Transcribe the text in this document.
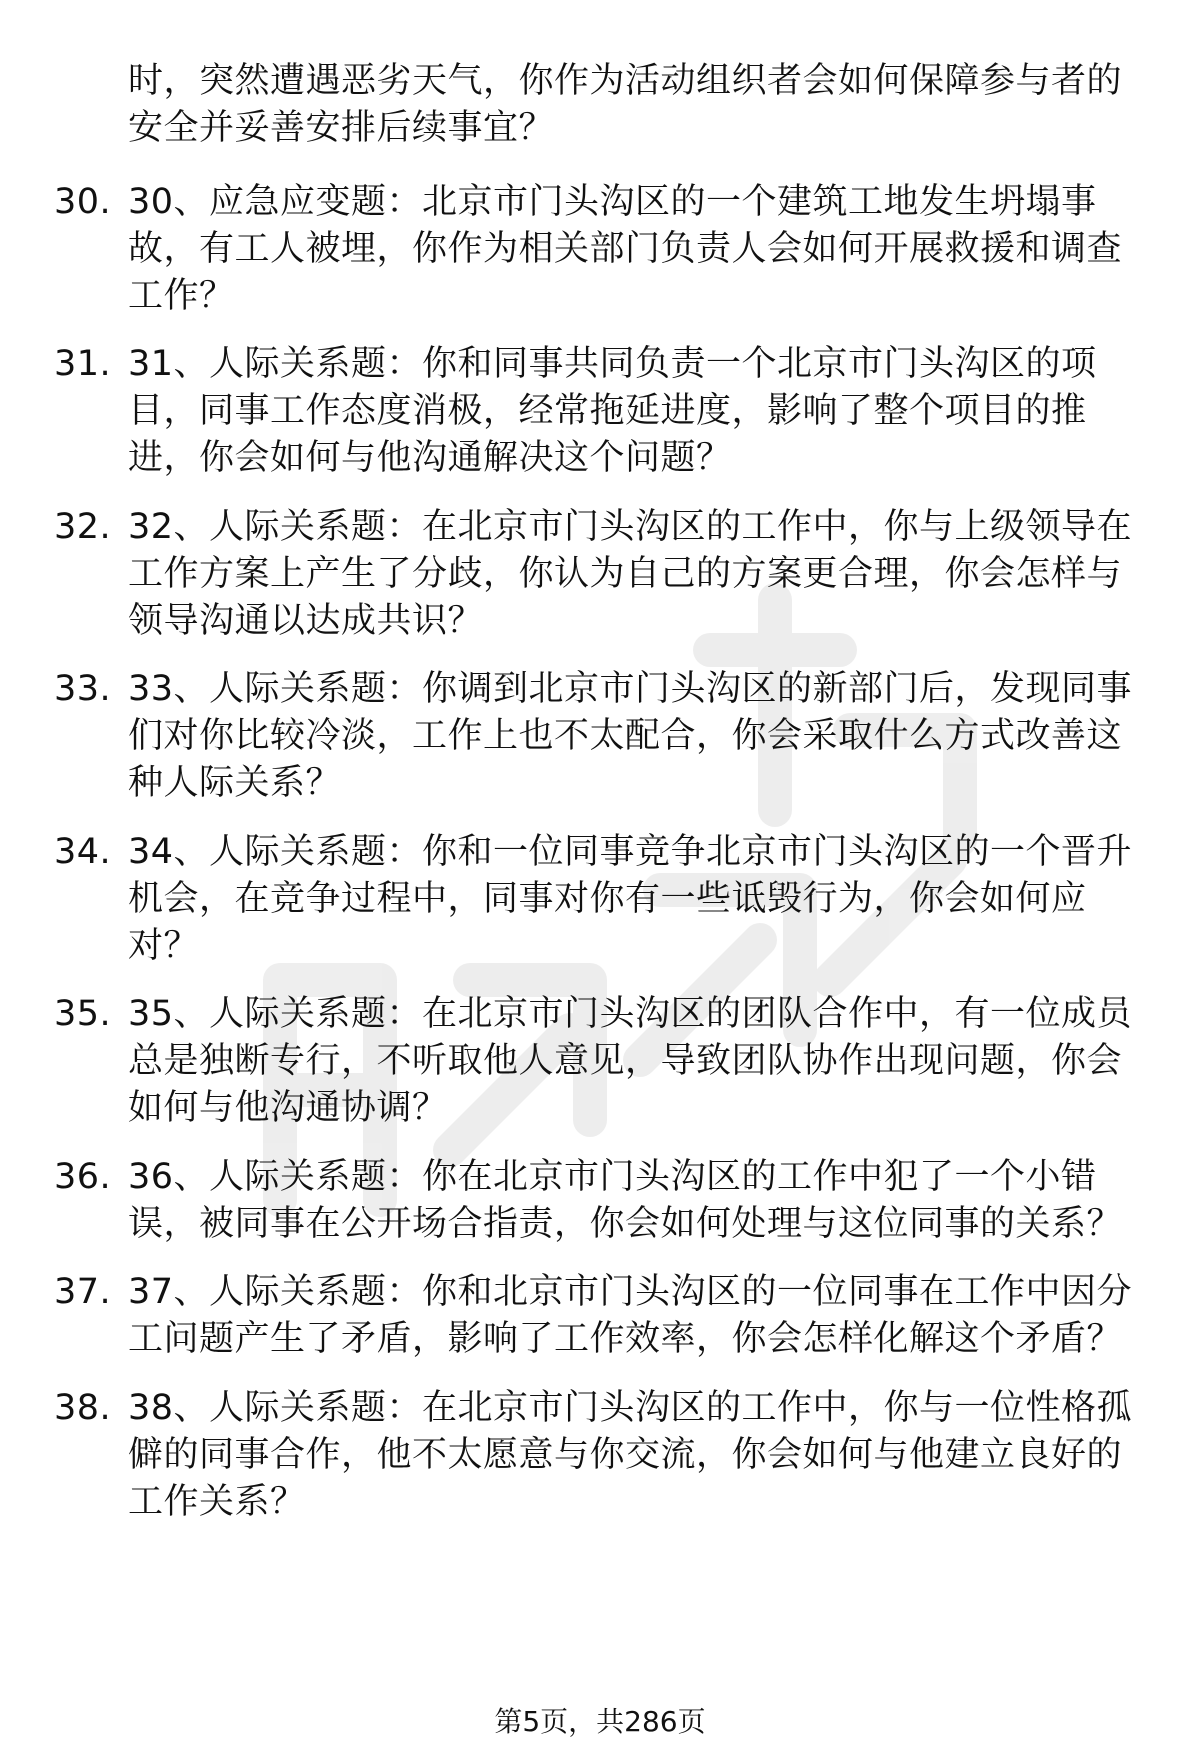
时，突然遭遇恶劣天气，你作为活动组织者会如何保障参与者的安全并妥善安排后续事宜？
30. 30、应急应变题：北京市门头沟区的一个建筑工地发生坍塌事故，有工人被埋，你作为相关部门负责人会如何开展救援和调查工作？
31. 31、人际关系题：你和同事共同负责一个北京市门头沟区的项目，同事工作态度消极，经常拖延进度，影响了整个项目的推进，你会如何与他沟通解决这个问题？
32. 32、人际关系题：在北京市门头沟区的工作中，你与上级领导在工作方案上产生了分歧，你认为自己的方案更合理，你会怎样与领导沟通以达成共识？
33. 33、人际关系题：你调到北京市门头沟区的新部门后，发现同事们对你比较冷淡，工作上也不太配合，你会采取什么方式改善这种人际关系？
34. 34、人际关系题：你和一位同事竞争北京市门头沟区的一个晋升机会，在竞争过程中，同事对你有一些诋毁行为，你会如何应对？
35. 35、人际关系题：在北京市门头沟区的团队合作中，有一位成员总是独断专行，不听取他人意见，导致团队协作出现问题，你会如何与他沟通协调？
36. 36、人际关系题：你在北京市门头沟区的工作中犯了一个小错误，被同事在公开场合指责，你会如何处理与这位同事的关系？
37. 37、人际关系题：你和北京市门头沟区的一位同事在工作中因分工问题产生了矛盾，影响了工作效率，你会怎样化解这个矛盾？
38. 38、人际关系题：在北京市门头沟区的工作中，你与一位性格孤僻的同事合作，他不太愿意与你交流，你会如何与他建立良好的工作关系？
第5页，共286页
